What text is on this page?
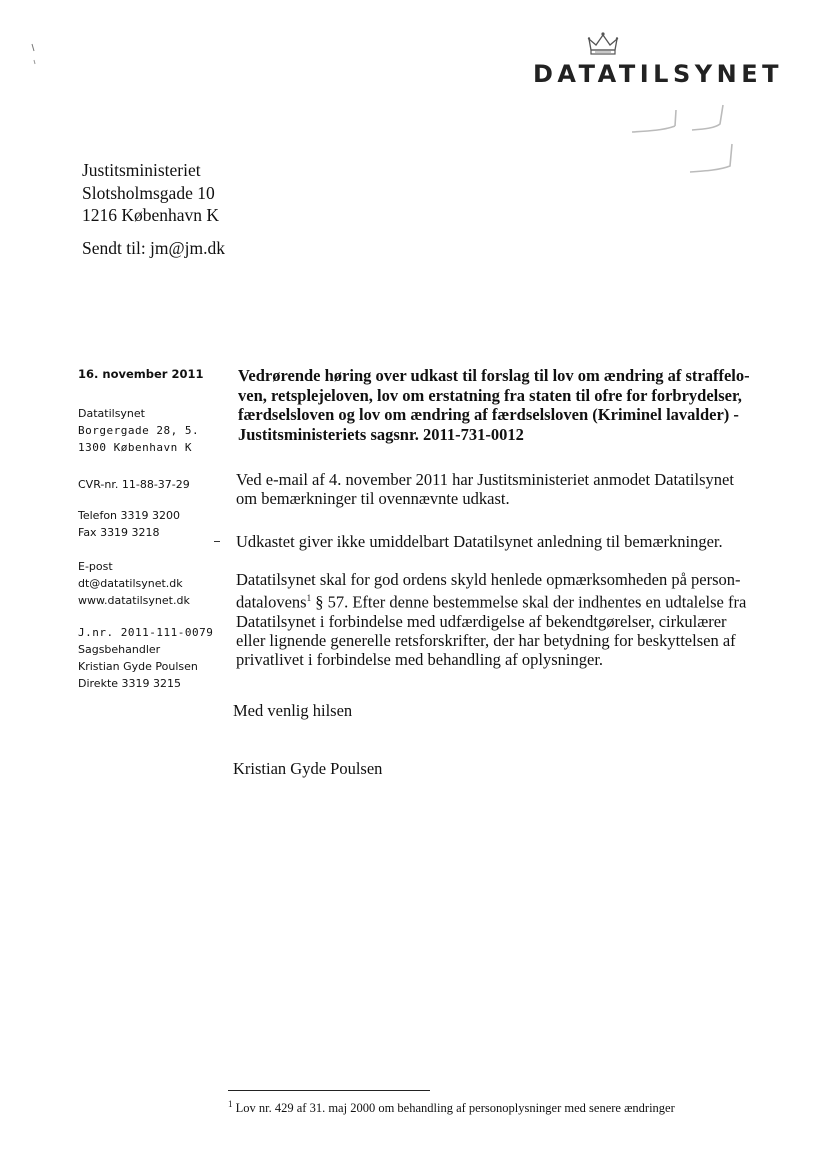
DATATILSYNET
Justitsministeriet
Slotsholmsgade 10
1216 København K
Sendt til: jm@jm.dk
16. november 2011
Datatilsynet
Borgergade 28, 5.
1300 København K
CVR-nr. 11-88-37-29
Telefon 3319 3200
Fax 3319 3218
E-post
dt@datatilsynet.dk
www.datatilsynet.dk
J.nr. 2011-111-0079
Sagsbehandler
Kristian Gyde Poulsen
Direkte 3319 3215
Vedrørende høring over udkast til forslag til lov om ændring af straffelo-ven, retsplejeloven, lov om erstatning fra staten til ofre for forbrydelser, færdselsloven og lov om ændring af færdselsloven (Kriminel lavalder) - Justitsministeriets sagsnr. 2011-731-0012
Ved e-mail af 4. november 2011 har Justitsministeriet anmodet Datatilsynet om bemærkninger til ovennævnte udkast.
Udkastet giver ikke umiddelbart Datatilsynet anledning til bemærkninger.
Datatilsynet skal for god ordens skyld henlede opmærksomheden på person-datalovens$^1$ § 57. Efter denne bestemmelse skal der indhentes en udtalelse fra Datatilsynet i forbindelse med udfærdigelse af bekendtgørelser, cirkulærer eller lignende generelle retsforskrifter, der har betydning for beskyttelsen af privatlivet i forbindelse med behandling af oplysninger.
Med venlig hilsen
Kristian Gyde Poulsen
$^1$ Lov nr. 429 af 31. maj 2000 om behandling af personoplysninger med senere ændringer
